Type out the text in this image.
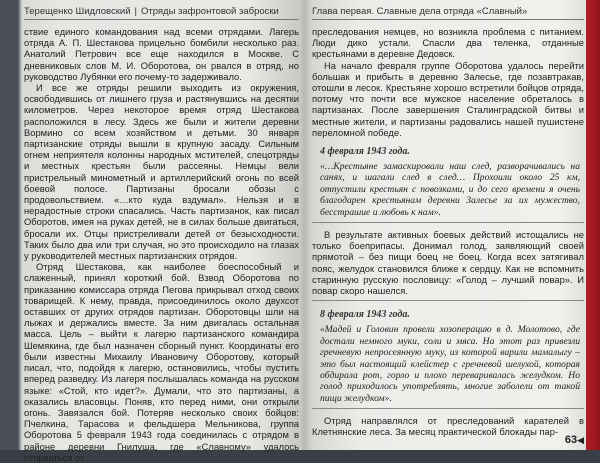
Терещенко Шидловский | Отряды зафронтовой заброски

ствие единого командования над всеми отрядами. Лагерь отряда А. П. Шестакова прицельно бомбили несколько раз. Анатолий Петрович все еще находился в Москве. С дневниковых слов М. И. Оборотова, он рвался в отряд, но руководство Лубянки его почему-то задерживало.

И все же отряды решили выходить из окружения, освободившись от лишнего груза и растянувшись на десятки километров. Через некоторое время отряд Шестакова расположился в лесу. Здесь же были и жители деревни Вормино со всем хозяйством и детьми. 30 января партизанские отряды вышли в крупную засаду. Сильным огнем неприятеля колонны народных мстителей, спецотряды и местных крестьян были рассеяны. Немцы вели пристрельный минометный и артиллерийский огонь по всей боевой полосе. Партизаны бросали обозы с продовольствием. «…кто куда вздумал». Нельзя и в нерадостные строки спасались. Часть партизанок, как писал Оборотов, имея на руках детей, не в силах больше двигаться, бросали их. Отцы пристреливали детей от безысходности. Таких было два или три случая, но это происходило на глазах у руководителей местных партизанских отрядов.

Отряд Шестакова, как наиболее боеспособный и слаженный, принял короткий бой. Взвод Оборотова по приказанию комиссара отряда Пегова прикрывал отход своих товарищей. К нему, правда, присоединилось около двухсот оставших от других отрядов партизан. Оборотовцы шли на лыжах и держались вместе. За ним двигалась остальная масса. Цель – выйти к лагерю партизанского командира Шемякина, где был назначен сборный пункт. Координаты его были известны Михаилу Ивановичу Оборотову, который писал, что, подойдя к лагерю, остановились, чтобы пустить вперед разведку. Из лагеря послышалась команда на русском языке: «Стой, кто идет?». Думали, что это партизаны, а оказались власовцы. Поняв, кто перед ними, они открыли огонь. Завязался бой. Потеряв несколько своих бойцов: Пчелкина, Тарасова и фельдшера Мельникова, группа Оборотова 5 февраля 1943 года соединилась с отрядом в районе деревни Гнилуша, где «Славному» удалось оторваться от

Глава первая. Славные дела отряда «Славный»

преследования немцев, но возникла проблема с питанием. Люди дико устали. Спасли два теленка, отданные крестьянами в деревне Дедовск.

На начало февраля группе Оборотова удалось перейти большак и прибыть в деревню Залесье, где позавтракав, отошли в лесок. Крестьяне хорошо встретили бойцов отряда, потому что почти все мужское население обреталось в партизанах. После завершения Сталинградской битвы и местные жители, и партизаны радовались нашей пушистене переломной победе.

4 февраля 1943 года.

«…Крестьяне замаскировали наш след, разворачивались на санях, и шагали след в след… Прохоили около 25 км, отпустили крестьян с повозками, и до сего времени я очень благодарен крестьянам деревни Залесье за их мужество, бесстрашие и любовь к нам».

В результате активных боевых действий истощались не только боеприпасы. Донимал голод, заявляющий своей прямотой – без пищи боец не боец. Когда всех затягивал пояс, желудок становился ближе к сердцу. Как не вспомнить старинную русскую пословицу: «Голод – лучший повар». И повар скоро нашелся.

8 февраля 1943 года.

«Мадей и Головин провели хозоперацию в д. Молотово, где достали немного муки, соли и мяса. На этот раз привезли гречневую непросеянную муку, из которой варили мамалыгу – это был настоящий клейстер с гречневой шелухой, которая обдирала рот, горло и плохо переваривалась желудком. Но голод приходилось употреблять, многие заболели от такой пищи желудком».

Отряд направлялся от преследований карателей в Клетнянские леса. За месяц практической блокады пар-

63◀
